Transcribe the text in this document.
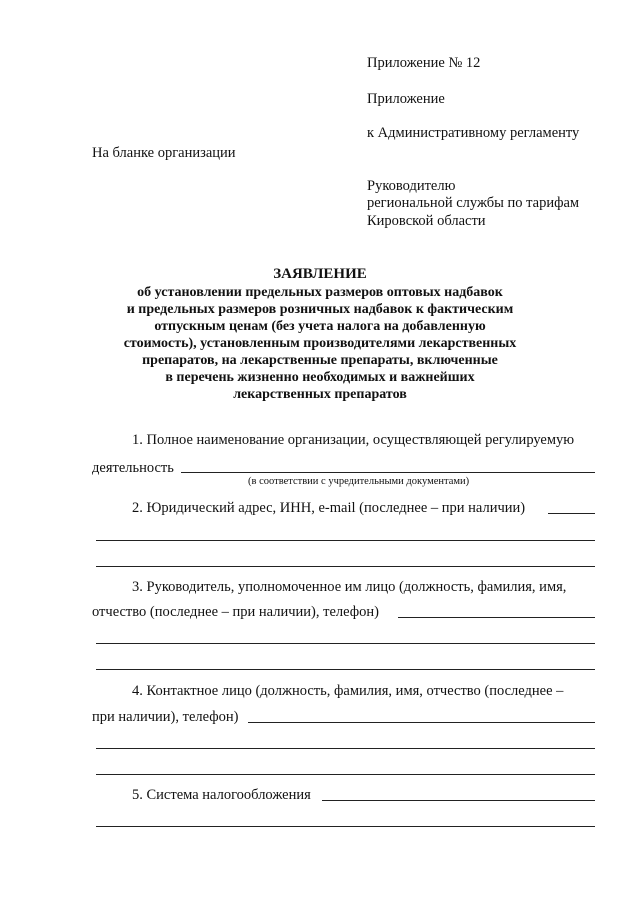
Приложение № 12
Приложение
к Административному регламенту
На бланке организации
Руководителю
региональной службы по тарифам
Кировской области
ЗАЯВЛЕНИЕ
об установлении предельных размеров оптовых надбавок
и предельных размеров розничных надбавок к фактическим
отпускным ценам (без учета налога на добавленную
стоимость), установленным производителями лекарственных
препаратов, на лекарственные препараты, включенные
в перечень жизненно необходимых и важнейших
лекарственных препаратов
1. Полное наименование организации, осуществляющей регулируемую
деятельность
(в соответствии с учредительными документами)
2. Юридический адрес, ИНН, e-mail (последнее – при наличии)
3. Руководитель, уполномоченное им лицо (должность, фамилия, имя,
отчество (последнее – при наличии), телефон)
4. Контактное лицо (должность, фамилия, имя, отчество (последнее –
при наличии), телефон)
5. Система налогообложения
